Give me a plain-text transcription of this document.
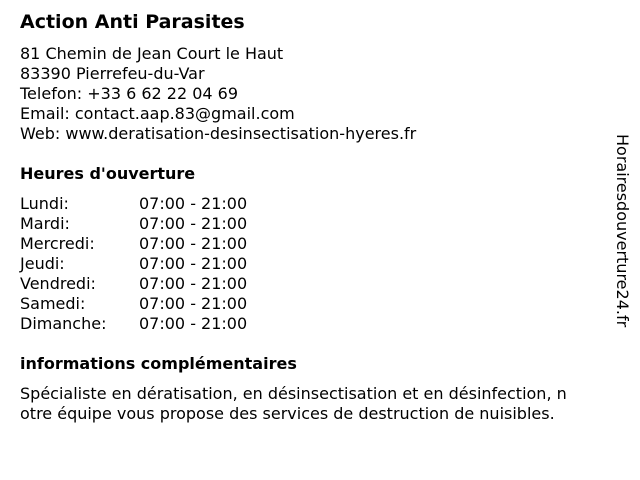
Action Anti Parasites
81 Chemin de Jean Court le Haut
83390 Pierrefeu-du-Var
Telefon: +33 6 62 22 04 69
Email: contact.aap.83@gmail.com
Web: www.deratisation-desinsectisation-hyeres.fr
Heures d'ouverture
Lundi:	07:00 - 21:00
Mardi:	07:00 - 21:00
Mercredi:	07:00 - 21:00
Jeudi:	07:00 - 21:00
Vendredi:	07:00 - 21:00
Samedi:	07:00 - 21:00
Dimanche: 07:00 - 21:00
informations complémentaires
Spécialiste en dératisation, en désinsectisation et en désinfection, n
otre équipe vous propose des services de destruction de nuisibles.
Horairesdouverture24.fr
